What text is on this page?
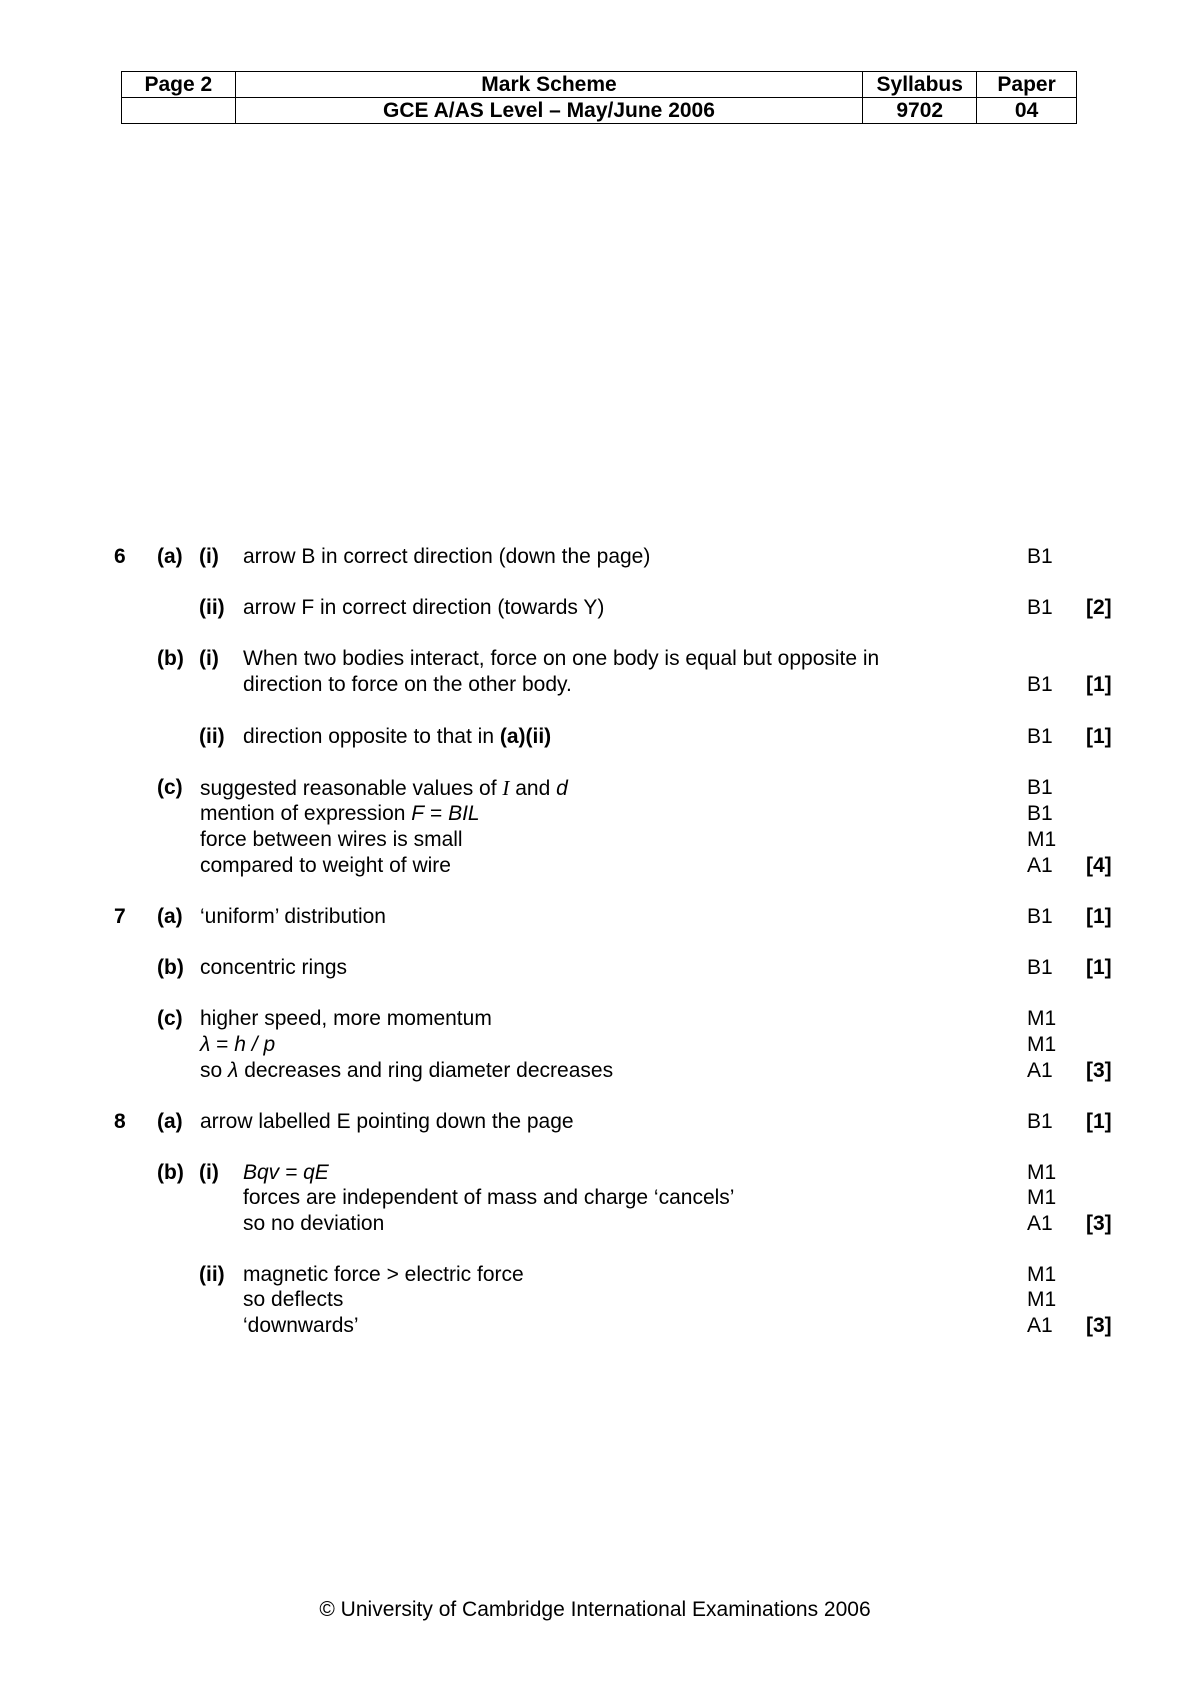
Page 2	Mark Scheme	Syllabus	Paper
	GCE A/AS Level – May/June 2006	9702	04
6 (a) (i) arrow B in correct direction (down the page)	B1
(ii) arrow F in correct direction (towards Y)	B1 [2]
(b) (i) When two bodies interact, force on one body is equal but opposite in
direction to force on the other body.	B1 [1]
(ii) direction opposite to that in (a)(ii)	B1 [1]
(c) suggested reasonable values of I and d	B1
mention of expression F = BIL	B1
force between wires is small	M1
compared to weight of wire	A1 [4]
7 (a) ‘uniform’ distribution	B1 [1]
(b) concentric rings	B1 [1]
(c) higher speed, more momentum	M1
λ = h / p	M1
so λ decreases and ring diameter decreases	A1 [3]
8 (a) arrow labelled E pointing down the page	B1 [1]
(b) (i) Bqv = qE	M1
forces are independent of mass and charge ‘cancels’	M1
so no deviation	A1 [3]
(ii) magnetic force > electric force	M1
so deflects	M1
‘downwards’	A1 [3]
© University of Cambridge International Examinations 2006
